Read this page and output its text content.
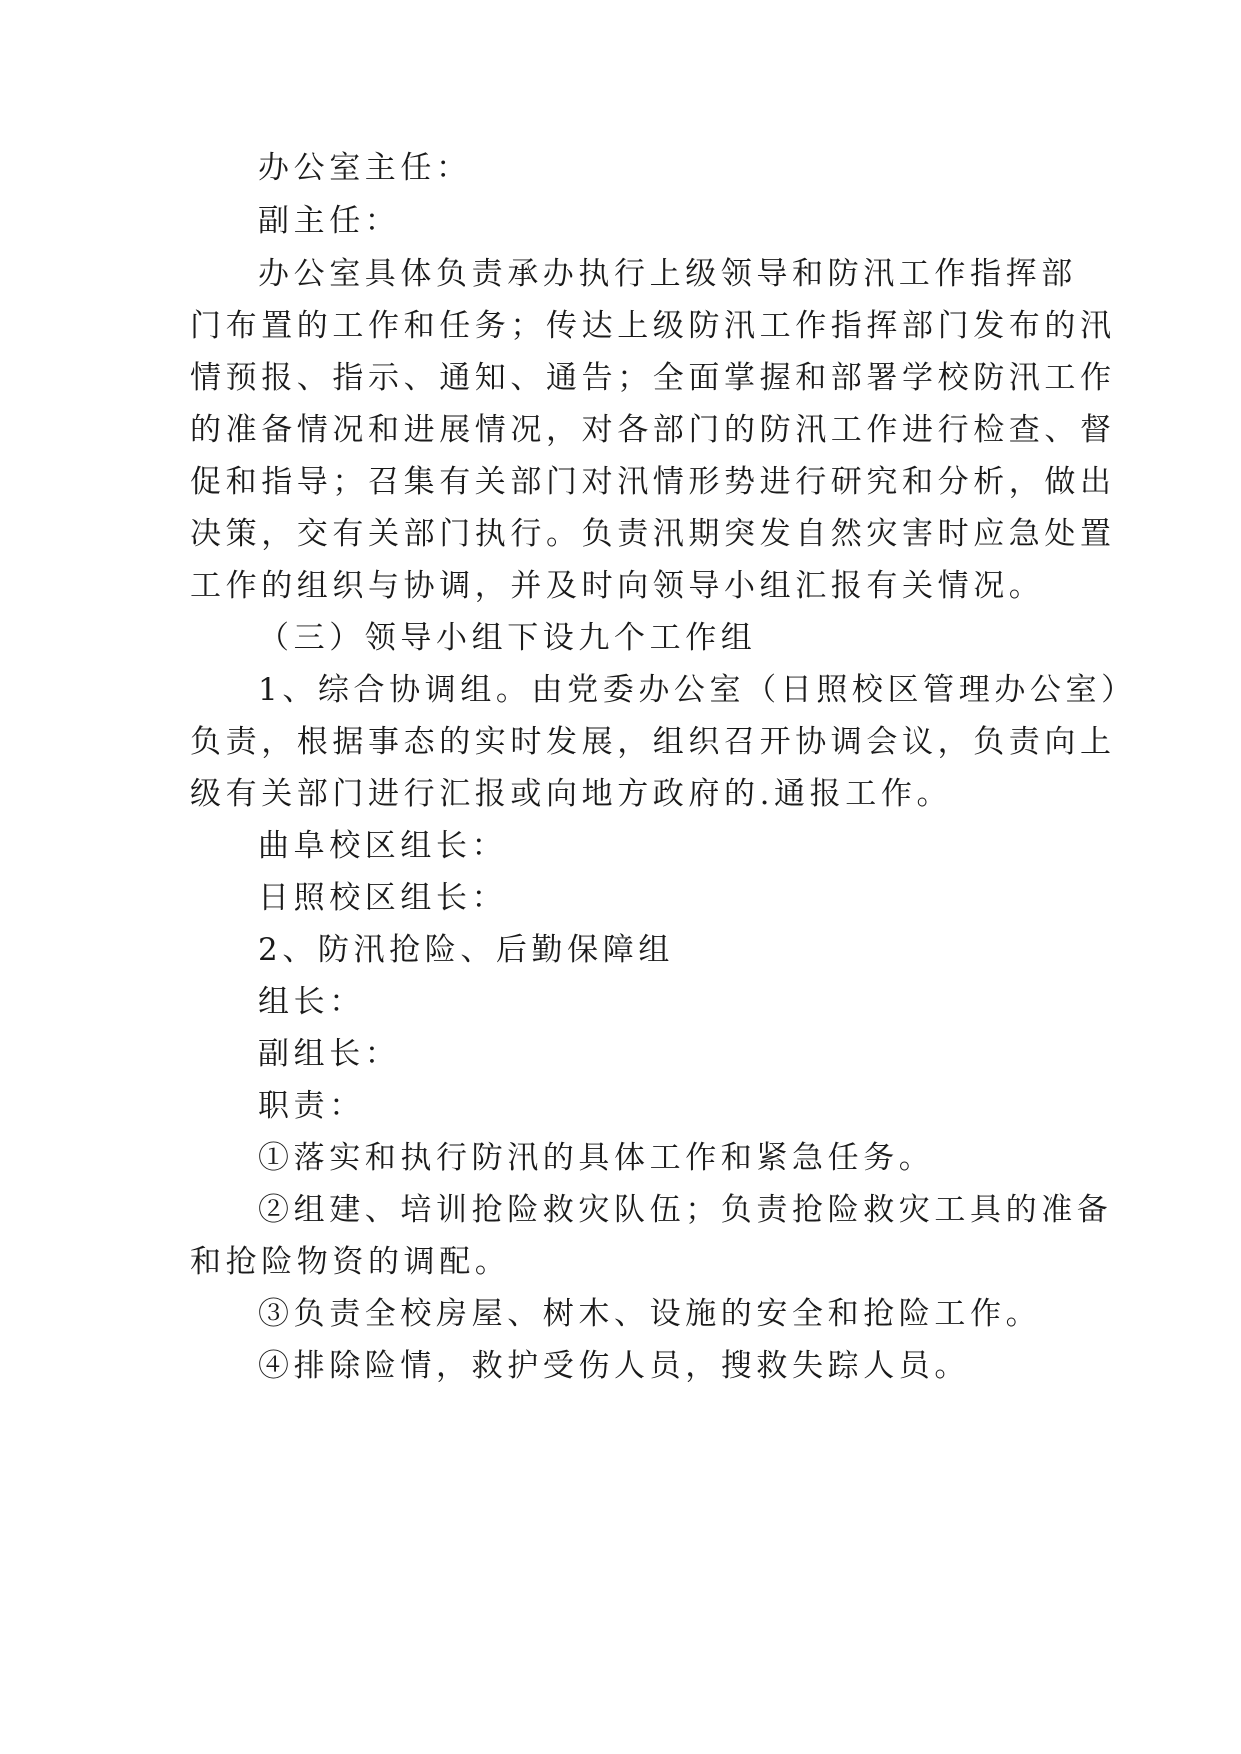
办公室主任：

副主任：

办公室具体负责承办执行上级领导和防汛工作指挥部

门布置的工作和任务；传达上级防汛工作指挥部门发布的汛

情预报、指示、通知、通告；全面掌握和部署学校防汛工作

的准备情况和进展情况，对各部门的防汛工作进行检查、督

促和指导；召集有关部门对汛情形势进行研究和分析，做出

决策，交有关部门执行。负责汛期突发自然灾害时应急处置

工作的组织与协调，并及时向领导小组汇报有关情况。

（三）领导小组下设九个工作组

1、综合协调组。由党委办公室（日照校区管理办公室）

负责，根据事态的实时发展，组织召开协调会议，负责向上

级有关部门进行汇报或向地方政府的.通报工作。

曲阜校区组长：

日照校区组长：

2、防汛抢险、后勤保障组

组长：

副组长：

职责：

①落实和执行防汛的具体工作和紧急任务。

②组建、培训抢险救灾队伍；负责抢险救灾工具的准备

和抢险物资的调配。

③负责全校房屋、树木、设施的安全和抢险工作。

④排除险情，救护受伤人员，搜救失踪人员。
